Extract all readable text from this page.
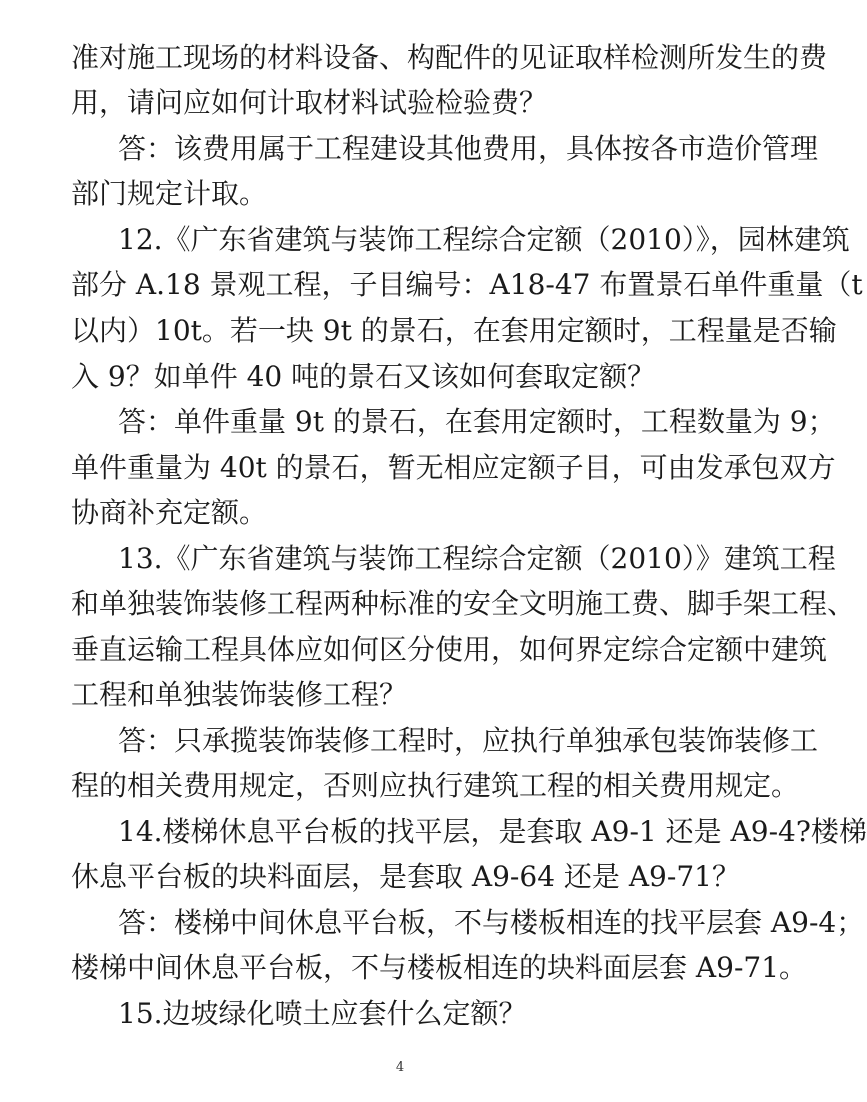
准对施工现场的材料设备、构配件的见证取样检测所发生的费
用，请问应如何计取材料试验检验费？
答：该费用属于工程建设其他费用，具体按各市造价管理
部门规定计取。
12.《广东省建筑与装饰工程综合定额（2010）》，园林建筑
部分 A.18 景观工程，子目编号：A18-47 布置景石单件重量（t
以内）10t。若一块 9t 的景石，在套用定额时，工程量是否输
入 9？如单件 40 吨的景石又该如何套取定额？
答：单件重量 9t 的景石，在套用定额时，工程数量为 9；
单件重量为 40t 的景石，暂无相应定额子目，可由发承包双方
协商补充定额。
13.《广东省建筑与装饰工程综合定额（2010）》建筑工程
和单独装饰装修工程两种标准的安全文明施工费、脚手架工程、
垂直运输工程具体应如何区分使用，如何界定综合定额中建筑
工程和单独装饰装修工程？
答：只承揽装饰装修工程时，应执行单独承包装饰装修工
程的相关费用规定，否则应执行建筑工程的相关费用规定。
14.楼梯休息平台板的找平层，是套取 A9-1 还是 A9-4?楼梯
休息平台板的块料面层，是套取 A9-64 还是 A9-71？
答：楼梯中间休息平台板，不与楼板相连的找平层套 A9-4；
楼梯中间休息平台板，不与楼板相连的块料面层套 A9-71。
15.边坡绿化喷土应套什么定额？
4
